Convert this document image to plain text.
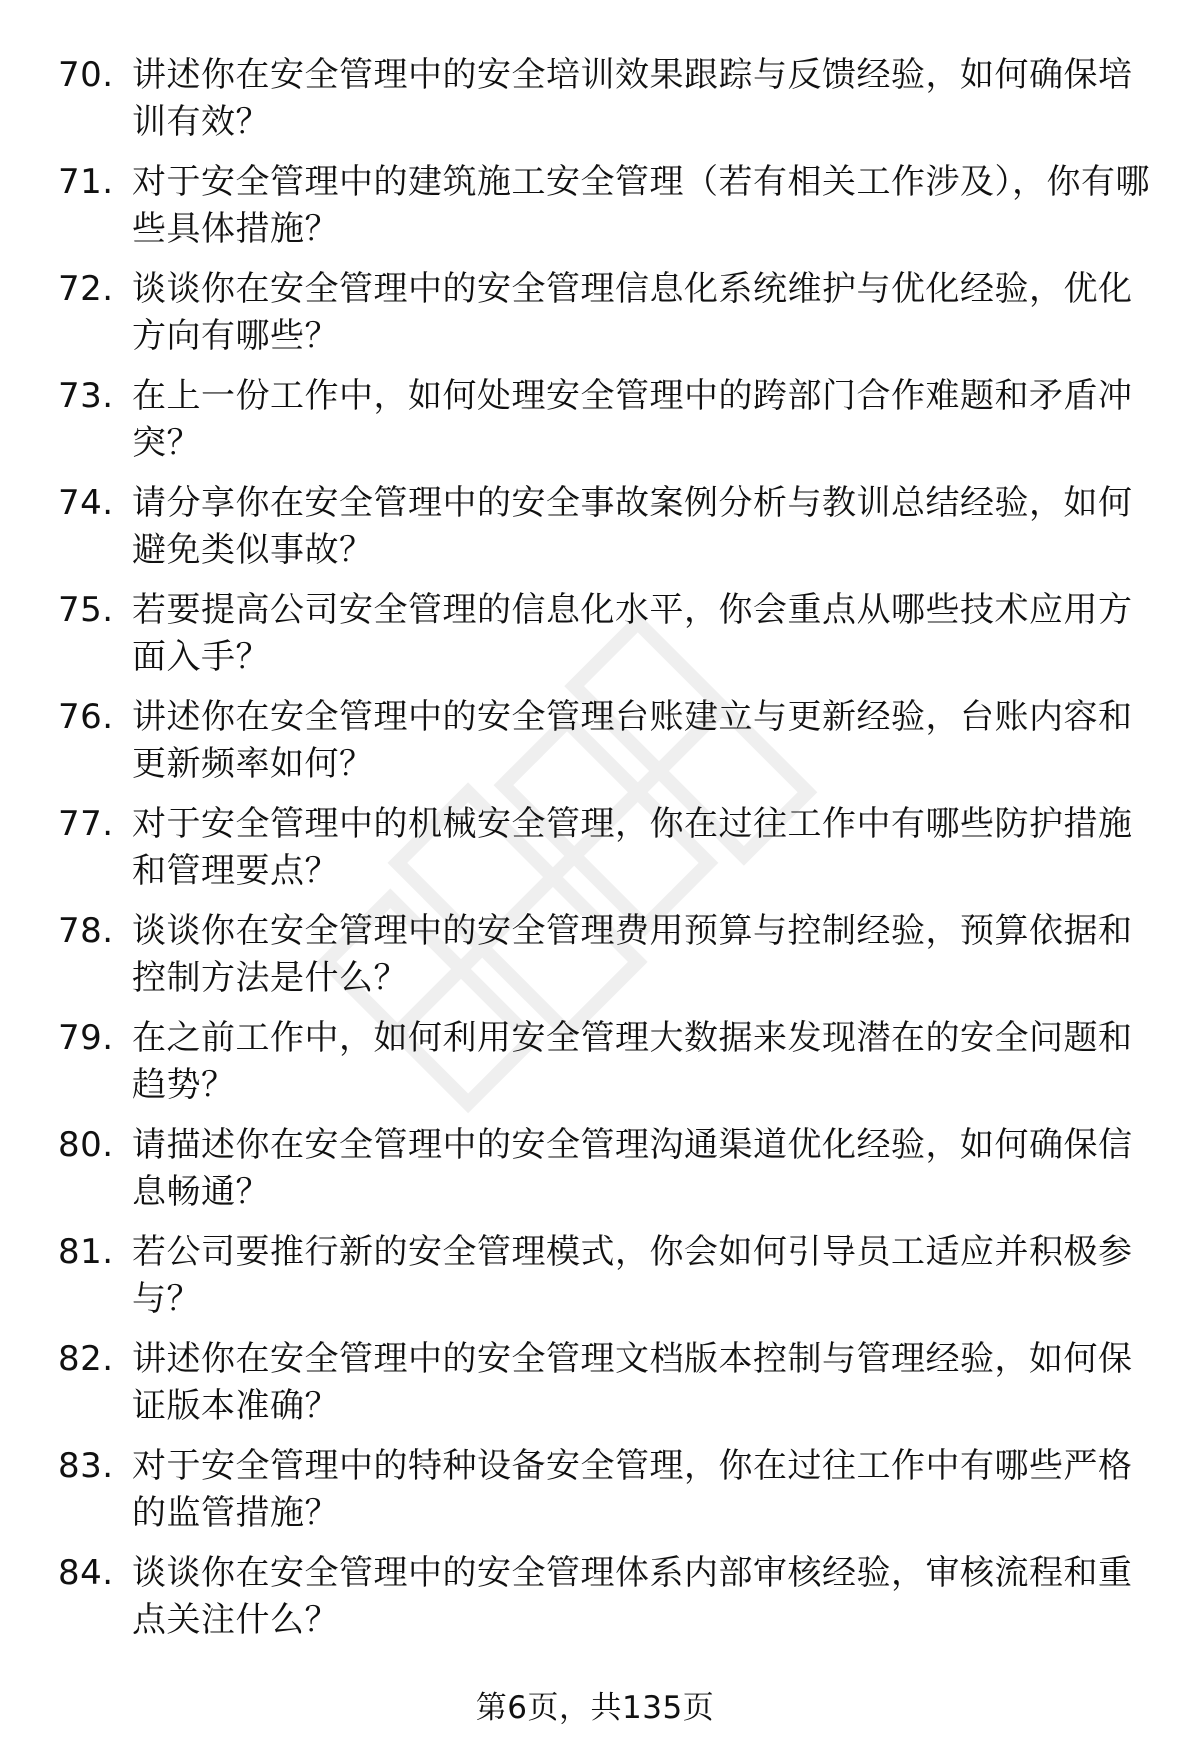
70. 讲述你在安全管理中的安全培训效果跟踪与反馈经验，如何确保培训有效？
71. 对于安全管理中的建筑施工安全管理（若有相关工作涉及），你有哪些具体措施？
72. 谈谈你在安全管理中的安全管理信息化系统维护与优化经验，优化方向有哪些？
73. 在上一份工作中，如何处理安全管理中的跨部门合作难题和矛盾冲突？
74. 请分享你在安全管理中的安全事故案例分析与教训总结经验，如何避免类似事故？
75. 若要提高公司安全管理的信息化水平，你会重点从哪些技术应用方面入手？
76. 讲述你在安全管理中的安全管理台账建立与更新经验，台账内容和更新频率如何？
77. 对于安全管理中的机械安全管理，你在过往工作中有哪些防护措施和管理要点？
78. 谈谈你在安全管理中的安全管理费用预算与控制经验，预算依据和控制方法是什么？
79. 在之前工作中，如何利用安全管理大数据来发现潜在的安全问题和趋势？
80. 请描述你在安全管理中的安全管理沟通渠道优化经验，如何确保信息畅通？
81. 若公司要推行新的安全管理模式，你会如何引导员工适应并积极参与？
82. 讲述你在安全管理中的安全管理文档版本控制与管理经验，如何保证版本准确？
83. 对于安全管理中的特种设备安全管理，你在过往工作中有哪些严格的监管措施？
84. 谈谈你在安全管理中的安全管理体系内部审核经验，审核流程和重点关注什么？
第6页，共135页
